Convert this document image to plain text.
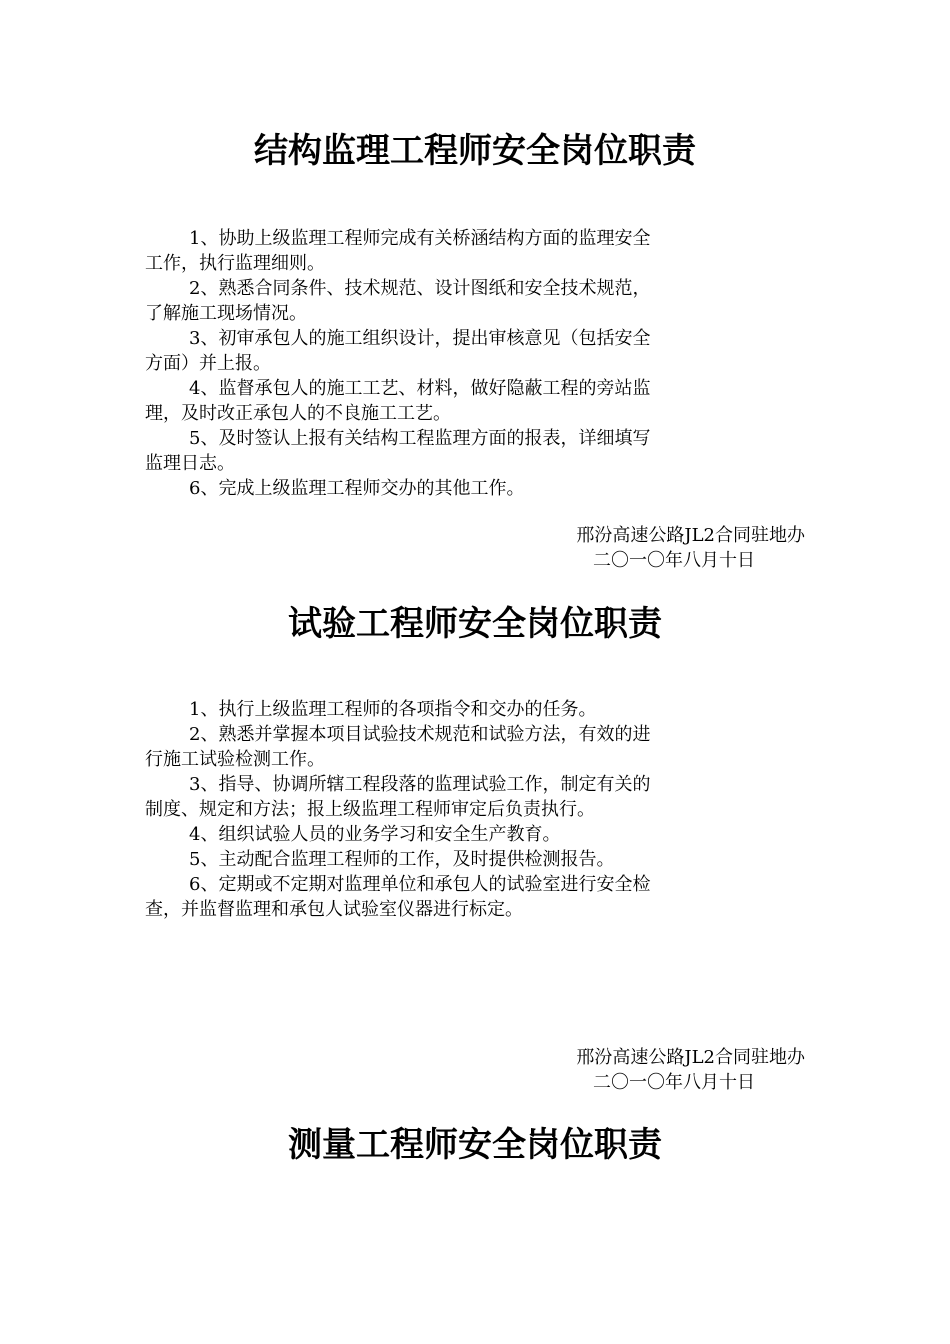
结构监理工程师安全岗位职责
1、协助上级监理工程师完成有关桥涵结构方面的监理安全
工作，执行监理细则。
2、熟悉合同条件、技术规范、设计图纸和安全技术规范，
了解施工现场情况。
3、初审承包人的施工组织设计，提出审核意见（包括安全
方面）并上报。
4、监督承包人的施工工艺、材料，做好隐蔽工程的旁站监
理，及时改正承包人的不良施工工艺。
5、及时签认上报有关结构工程监理方面的报表，详细填写
监理日志。
6、完成上级监理工程师交办的其他工作。
邢汾高速公路JL2合同驻地办
二〇一〇年八月十日
试验工程师安全岗位职责
1、执行上级监理工程师的各项指令和交办的任务。
2、熟悉并掌握本项目试验技术规范和试验方法，有效的进
行施工试验检测工作。
3、指导、协调所辖工程段落的监理试验工作，制定有关的
制度、规定和方法；报上级监理工程师审定后负责执行。
4、组织试验人员的业务学习和安全生产教育。
5、主动配合监理工程师的工作，及时提供检测报告。
6、定期或不定期对监理单位和承包人的试验室进行安全检
查，并监督监理和承包人试验室仪器进行标定。
邢汾高速公路JL2合同驻地办
二〇一〇年八月十日
测量工程师安全岗位职责
